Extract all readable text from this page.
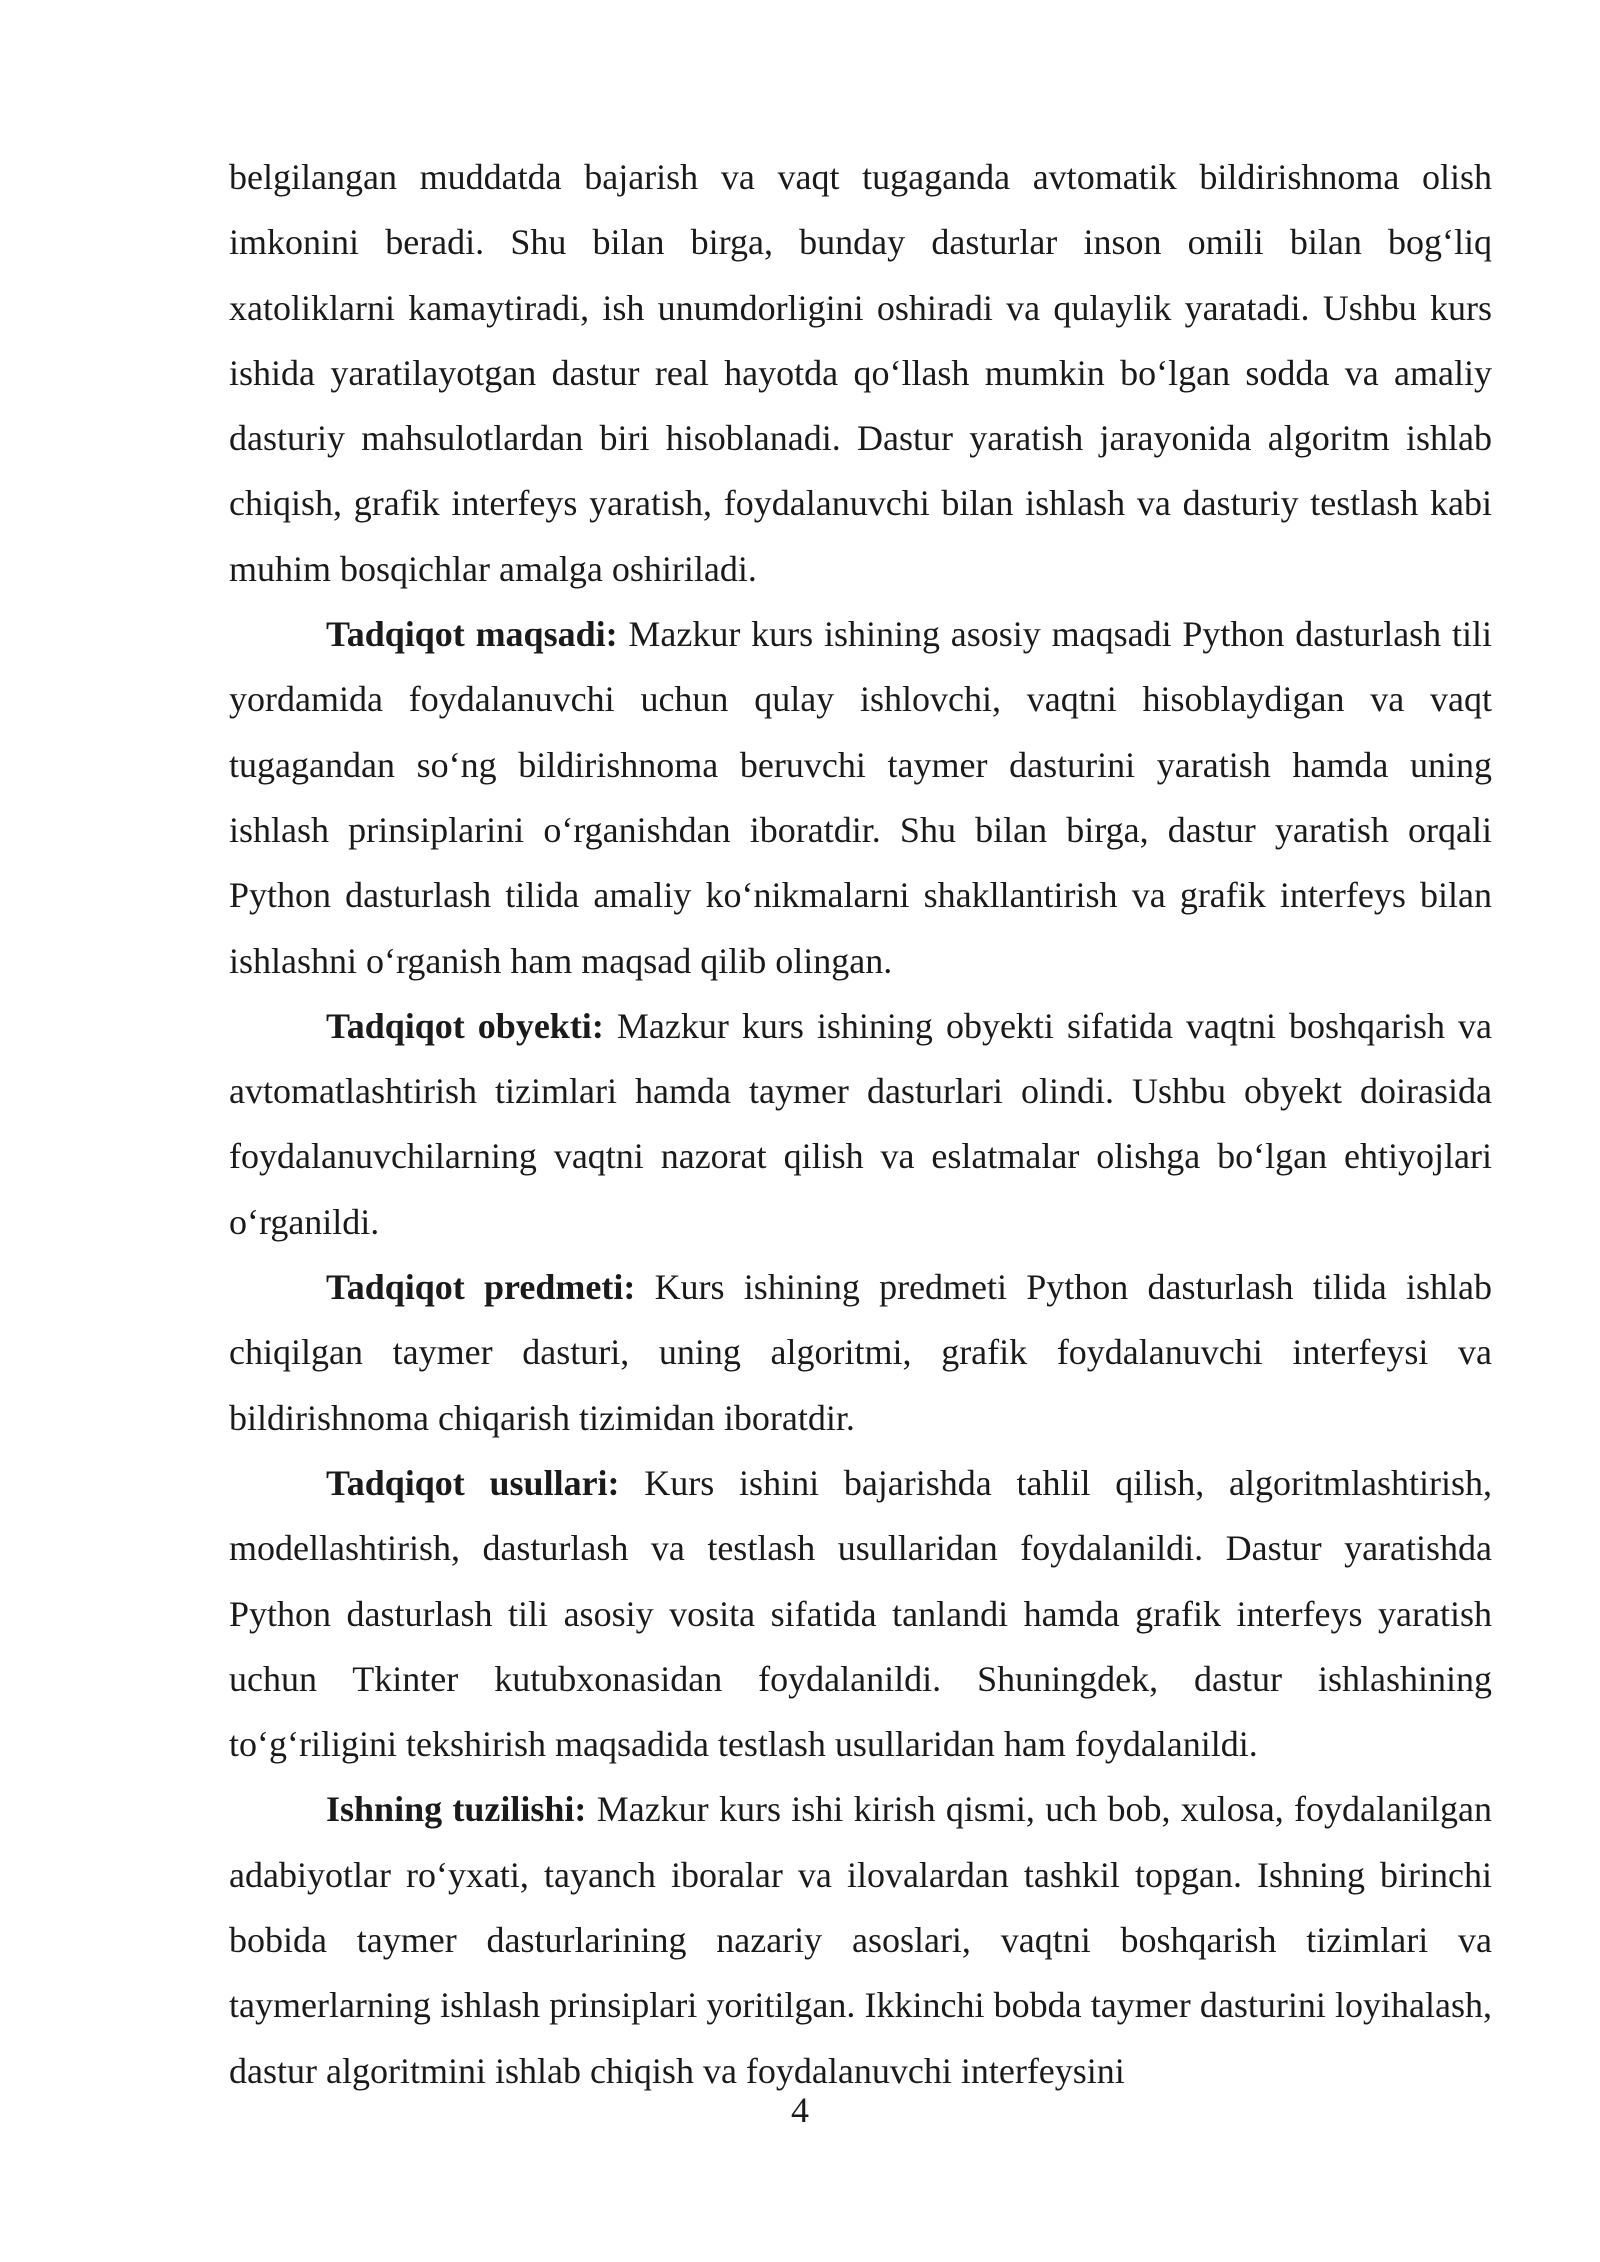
belgilangan muddatda bajarish va vaqt tugaganda avtomatik bildirishnoma olish imkonini beradi. Shu bilan birga, bunday dasturlar inson omili bilan bog‘liq xatoliklarni kamaytiradi, ish unumdorligini oshiradi va qulaylik yaratadi. Ushbu kurs ishida yaratilayotgan dastur real hayotda qo‘llash mumkin bo‘lgan sodda va amaliy dasturiy mahsulotlardan biri hisoblanadi. Dastur yaratish jarayonida algoritm ishlab chiqish, grafik interfeys yaratish, foydalanuvchi bilan ishlash va dasturiy testlash kabi muhim bosqichlar amalga oshiriladi.

Tadqiqot maqsadi: Mazkur kurs ishining asosiy maqsadi Python dasturlash tili yordamida foydalanuvchi uchun qulay ishlovchi, vaqtni hisoblaydigan va vaqt tugagandan so‘ng bildirishnoma beruvchi taymer dasturini yaratish hamda uning ishlash prinsiplarini o‘rganishdan iboratdir. Shu bilan birga, dastur yaratish orqali Python dasturlash tilida amaliy ko‘nikmalarni shakllantirish va grafik interfeys bilan ishlashni o‘rganish ham maqsad qilib olingan.

Tadqiqot obyekti: Mazkur kurs ishining obyekti sifatida vaqtni boshqarish va avtomatlashtirish tizimlari hamda taymer dasturlari olindi. Ushbu obyekt doirasida foydalanuvchilarning vaqtni nazorat qilish va eslatmalar olishga bo‘lgan ehtiyojlari o‘rganildi.

Tadqiqot predmeti: Kurs ishining predmeti Python dasturlash tilida ishlab chiqilgan taymer dasturi, uning algoritmi, grafik foydalanuvchi interfeysi va bildirishnoma chiqarish tizimidan iboratdir.

Tadqiqot usullari: Kurs ishini bajarishda tahlil qilish, algoritmlashtirish, modellashtirish, dasturlash va testlash usullaridan foydalanildi. Dastur yaratishda Python dasturlash tili asosiy vosita sifatida tanlandi hamda grafik interfeys yaratish uchun Tkinter kutubxonasidan foydalanildi. Shuningdek, dastur ishlashining to‘g‘riligini tekshirish maqsadida testlash usullaridan ham foydalanildi.

Ishning tuzilishi: Mazkur kurs ishi kirish qismi, uch bob, xulosa, foydalanilgan adabiyotlar ro‘yxati, tayanch iboralar va ilovalardan tashkil topgan. Ishning birinchi bobida taymer dasturlarining nazariy asoslari, vaqtni boshqarish tizimlari va taymerlarning ishlash prinsiplari yoritilgan. Ikkinchi bobda taymer dasturini loyihalash, dastur algoritmini ishlab chiqish va foydalanuvchi interfeysini

4
